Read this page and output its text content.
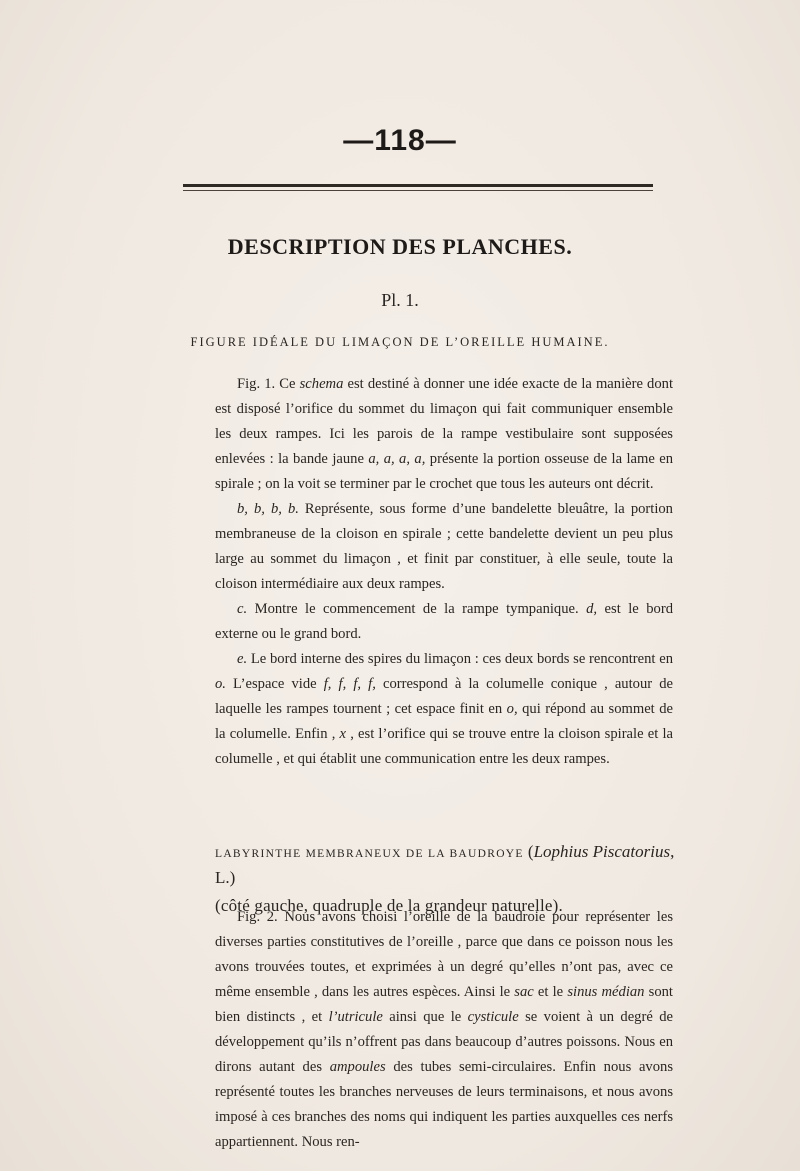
—118—
DESCRIPTION DES PLANCHES.
Pl. 1.
FIGURE IDÉALE DU LIMAÇON DE L’OREILLE HUMAINE.

Fig. 1. Ce schema est destiné à donner une idée exacte de la manière dont est disposé l’orifice du sommet du limaçon qui fait communiquer ensemble les deux rampes. Ici les parois de la rampe vestibulaire sont supposées enlevées : la bande jaune a, a, a, a, présente la portion osseuse de la lame en spirale ; on la voit se terminer par le crochet que tous les auteurs ont décrit.

b, b, b, b. Représente, sous forme d’une bandelette bleuâtre, la portion membraneuse de la cloison en spirale ; cette bandelette devient un peu plus large au sommet du limaçon , et finit par constituer, à elle seule, toute la cloison intermédiaire aux deux rampes.

c. Montre le commencement de la rampe tympanique. d, est le bord externe ou le grand bord.

e. Le bord interne des spires du limaçon : ces deux bords se rencontrent en o. L’espace vide f, f, f, f, correspond à la columelle conique , autour de laquelle les rampes tournent ; cet espace finit en o, qui répond au sommet de la columelle. Enfin , x , est l’orifice qui se trouve entre la cloison spirale et la columelle , et qui établit une communication entre les deux rampes.

LABYRINTHE MEMBRANEUX DE LA BAUDROYE (Lophius Piscatorius, L.)
(côté gauche, quadruple de la grandeur naturelle).

Fig. 2. Nous avons choisi l’oreille de la baudroie pour représenter les diverses parties constitutives de l’oreille , parce que dans ce poisson nous les avons trouvées toutes, et exprimées à un degré qu’elles n’ont pas, avec ce même ensemble , dans les autres espèces. Ainsi le sac et le sinus médian sont bien distincts , et l’utricule ainsi que le cysticule se voient à un degré de développement qu’ils n’offrent pas dans beaucoup d’autres poissons. Nous en dirons autant des ampoules des tubes semi-circulaires. Enfin nous avons représenté toutes les branches nerveuses de leurs terminaisons, et nous avons imposé à ces branches des noms qui indiquent les parties auxquelles ces nerfs appartiennent. Nous ren-
